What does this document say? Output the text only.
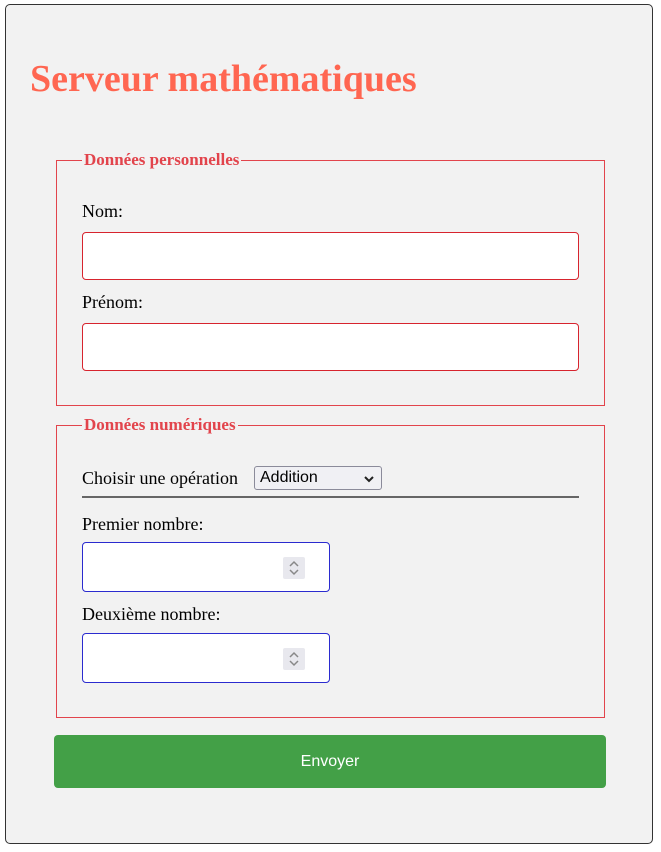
Serveur mathématiques
Données personnelles
Nom:
Prénom:
Données numériques
Choisir une opération	Addition
Premier nombre:
Deuxième nombre:
Envoyer
